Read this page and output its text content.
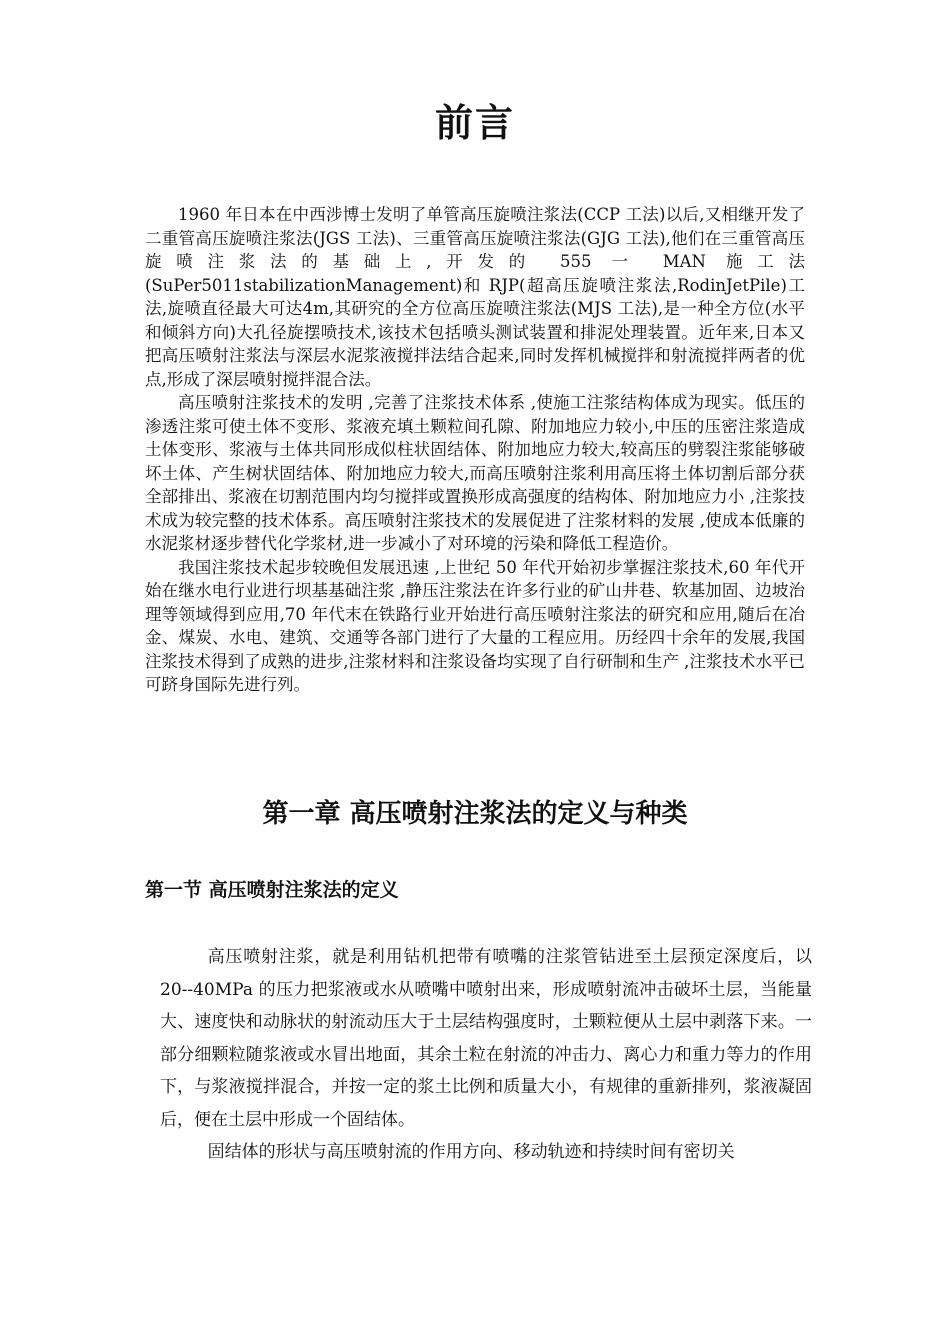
前言

1960 年日本在中西涉博士发明了单管高压旋喷注浆法(CCP 工法)以后,又相继开发了二重管高压旋喷注浆法(JGS 工法)、三重管高压旋喷注浆法(GJG 工法),他们在三重管高压旋喷注浆法的基础上,开发的 555 一 MAN 施工法(SuPer5011stabilizationManagement)和 RJP(超高压旋喷注浆法,RodinJetPile)工法,旋喷直径最大可达4m,其研究的全方位高压旋喷注浆法(MJS 工法),是一种全方位(水平和倾斜方向)大孔径旋摆喷技术,该技术包括喷头测试装置和排泥处理装置。近年来,日本又把高压喷射注浆法与深层水泥浆液搅拌法结合起来,同时发挥机械搅拌和射流搅拌两者的优点,形成了深层喷射搅拌混合法。

高压喷射注浆技术的发明 ,完善了注浆技术体系 ,使施工注浆结构体成为现实。低压的渗透注浆可使土体不变形、浆液充填土颗粒间孔隙、附加地应力较小,中压的压密注浆造成土体变形、浆液与土体共同形成似柱状固结体、附加地应力较大,较高压的劈裂注浆能够破坏土体、产生树状固结体、附加地应力较大,而高压喷射注浆利用高压将土体切割后部分获全部排出、浆液在切割范围内均匀搅拌或置换形成高强度的结构体、附加地应力小 ,注浆技术成为较完整的技术体系。高压喷射注浆技术的发展促进了注浆材料的发展 ,使成本低廉的水泥浆材逐步替代化学浆材,进一步减小了对环境的污染和降低工程造价。

我国注浆技术起步较晚但发展迅速 ,上世纪 50 年代开始初步掌握注浆技术,60 年代开始在继水电行业进行坝基基础注浆 ,静压注浆法在许多行业的矿山井巷、软基加固、边坡治理等领域得到应用,70 年代末在铁路行业开始进行高压喷射注浆法的研究和应用,随后在冶金、煤炭、水电、建筑、交通等各部门进行了大量的工程应用。历经四十余年的发展,我国注浆技术得到了成熟的进步,注浆材料和注浆设备均实现了自行研制和生产 ,注浆技术水平已可跻身国际先进行列。

第一章 高压喷射注浆法的定义与种类
第一节 高压喷射注浆法的定义

高压喷射注浆，就是利用钻机把带有喷嘴的注浆管钻进至土层预定深度后，以 20--40MPa 的压力把浆液或水从喷嘴中喷射出来，形成喷射流冲击破坏土层，当能量大、速度快和动脉状的射流动压大于土层结构强度时，土颗粒便从土层中剥落下来。一部分细颗粒随浆液或水冒出地面，其余土粒在射流的冲击力、离心力和重力等力的作用下，与浆液搅拌混合，并按一定的浆土比例和质量大小，有规律的重新排列，浆液凝固后，便在土层中形成一个固结体。

固结体的形状与高压喷射流的作用方向、移动轨迹和持续时间有密切关
